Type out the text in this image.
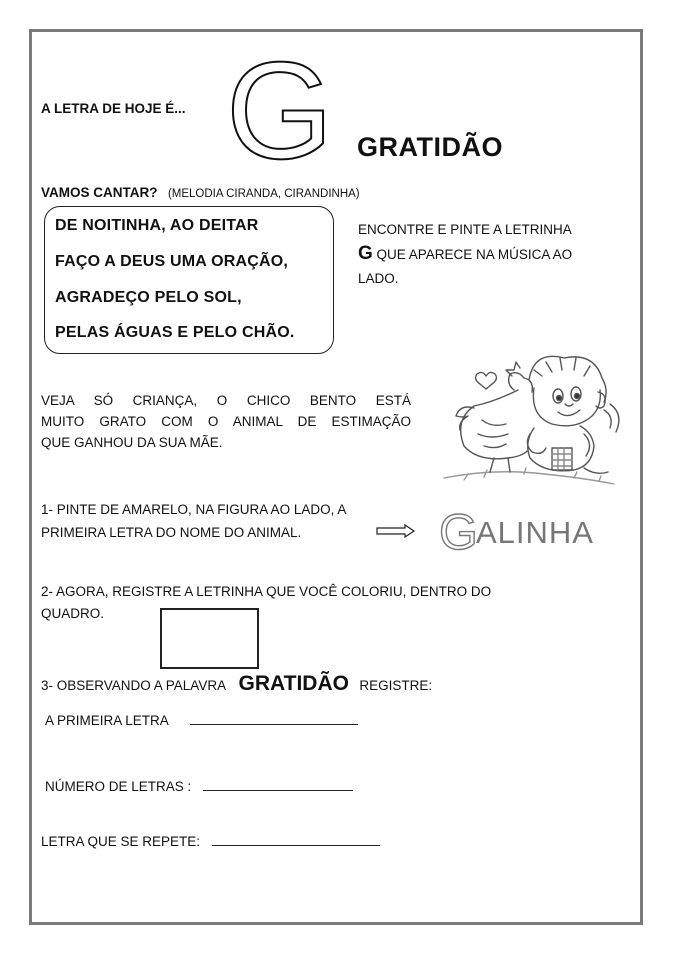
A LETRA DE HOJE É... G GRATIDÃO
VAMOS CANTAR? (MELODIA CIRANDA, CIRANDINHA)
DE NOITINHA, AO DEITAR
FAÇO A DEUS UMA ORAÇÃO,
AGRADEÇO PELO SOL,
PELAS ÁGUAS E PELO CHÃO.
ENCONTRE E PINTE A LETRINHA
G QUE APARECE NA MÚSICA AO
LADO.
VEJA SÓ CRIANÇA, O CHICO BENTO ESTÁ
MUITO GRATO COM O ANIMAL DE ESTIMAÇÃO
QUE GANHOU DA SUA MÃE.
1- PINTE DE AMARELO, NA FIGURA AO LADO, A
PRIMEIRA LETRA DO NOME DO ANIMAL.	G
ALINHA
2- AGORA, REGISTRE A LETRINHA QUE VOCÊ COLORIU, DENTRO DO
QUADRO.
3- OBSERVANDO A PALAVRA GRATIDÃO REGISTRE:
A PRIMEIRA LETRA
NÚMERO DE LETRAS :
LETRA QUE SE REPETE:
